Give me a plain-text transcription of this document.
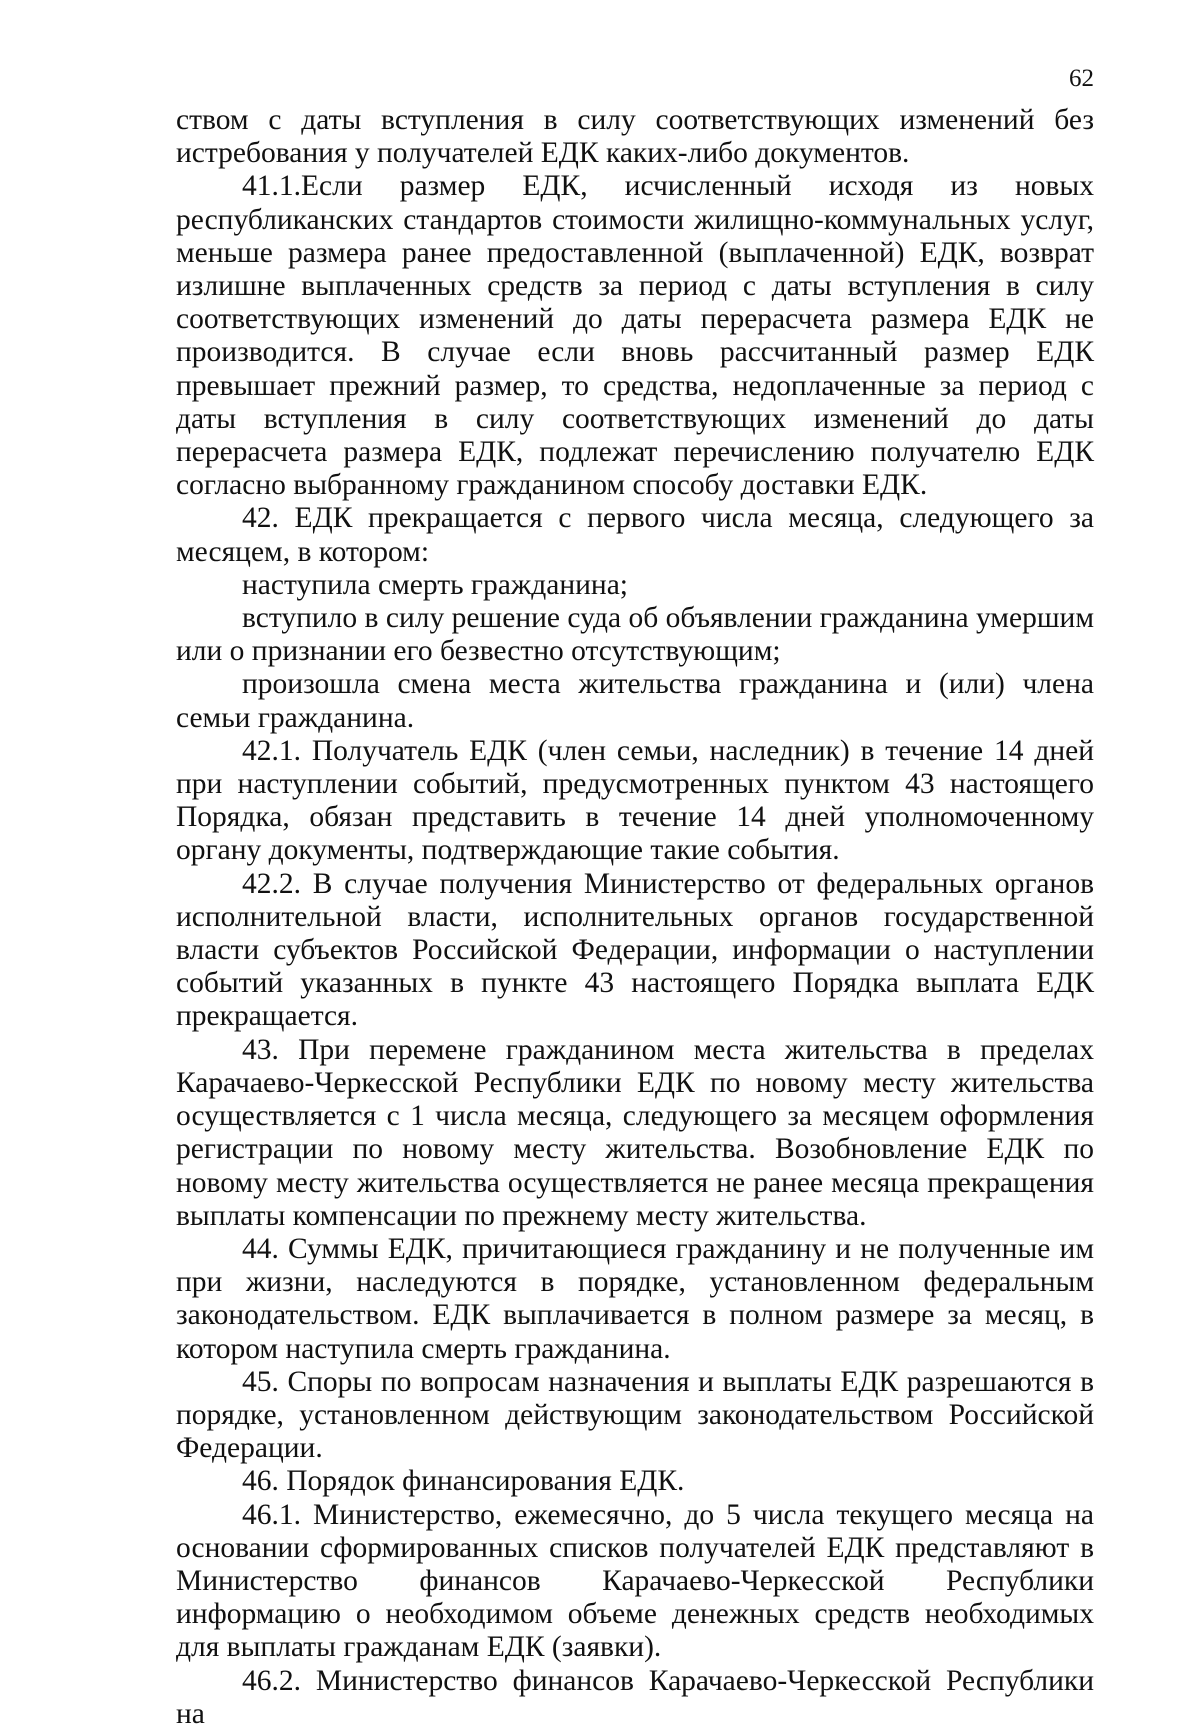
62

ством с даты вступления в силу соответствующих изменений без истребования у получателей ЕДК каких-либо документов.

41.1.Если размер ЕДК, исчисленный исходя из новых республиканских стандартов стоимости жилищно-коммунальных услуг, меньше размера ранее предоставленной (выплаченной) ЕДК, возврат излишне выплаченных средств за период с даты вступления в силу соответствующих изменений до даты перерасчета размера ЕДК не производится. В случае если вновь рассчитанный размер ЕДК превышает прежний размер, то средства, недоплаченные за период с даты вступления в силу соответствующих изменений до даты перерасчета размера ЕДК, подлежат перечислению получателю ЕДК согласно выбранному гражданином способу доставки ЕДК.

42. ЕДК прекращается с первого числа месяца, следующего за месяцем, в котором:

наступила смерть гражданина;

вступило в силу решение суда об объявлении гражданина умершим или о признании его безвестно отсутствующим;

произошла смена места жительства гражданина и (или) члена семьи гражданина.

42.1. Получатель ЕДК (член семьи, наследник) в течение 14 дней при наступлении событий, предусмотренных пунктом 43 настоящего Порядка, обязан представить в течение 14 дней уполномоченному органу документы, подтверждающие такие события.

42.2. В случае получения Министерство от федеральных органов исполнительной власти, исполнительных органов государственной власти субъектов Российской Федерации, информации о наступлении событий указанных в пункте 43 настоящего Порядка выплата ЕДК прекращается.

43. При перемене гражданином места жительства в пределах Карачаево-Черкесской Республики ЕДК по новому месту жительства осуществляется с 1 числа месяца, следующего за месяцем оформления регистрации по новому месту жительства. Возобновление ЕДК по новому месту жительства осуществляется не ранее месяца прекращения выплаты компенсации по прежнему месту жительства.

44. Суммы ЕДК, причитающиеся гражданину и не полученные им при жизни, наследуются в порядке, установленном федеральным законодательством. ЕДК выплачивается в полном размере за месяц, в котором наступила смерть гражданина.

45. Споры по вопросам назначения и выплаты ЕДК разрешаются в порядке, установленном действующим законодательством Российской Федерации.

46. Порядок финансирования ЕДК.

46.1. Министерство, ежемесячно, до 5 числа текущего месяца на основании сформированных списков получателей ЕДК представляют в Министерство финансов Карачаево-Черкесской Республики информацию о необходимом объеме денежных средств необходимых для выплаты гражданам ЕДК (заявки).

46.2. Министерство финансов Карачаево-Черкесской Республики на
